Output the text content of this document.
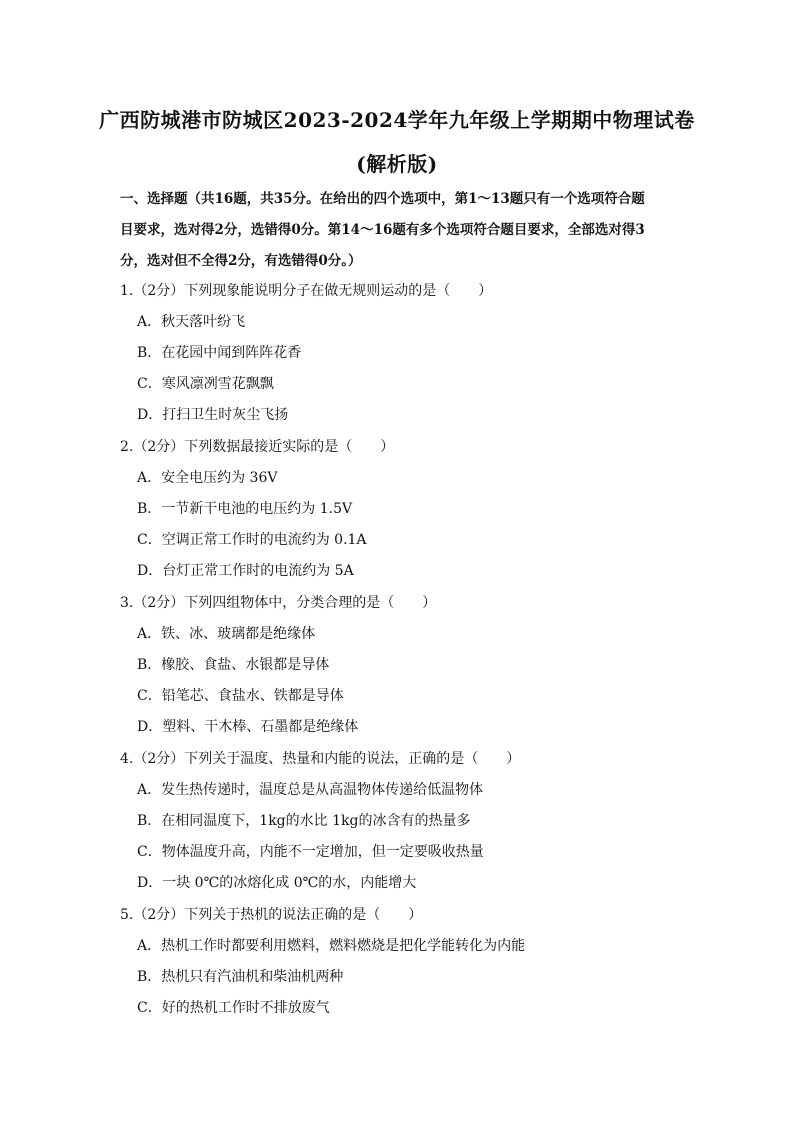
广西防城港市防城区2023-2024学年九年级上学期期中物理试卷
(解析版)
一、选择题（共16题，共35分。在给出的四个选项中，第1～13题只有一个选项符合题
目要求，选对得2分，选错得0分。第14～16题有多个选项符合题目要求，全部选对得3
分，选对但不全得2分，有选错得0分。）
1.（2分）下列现象能说明分子在做无规则运动的是（　　）
A．秋天落叶纷飞
B．在花园中闻到阵阵花香
C．寒风凛冽雪花飘飘
D．打扫卫生时灰尘飞扬
2.（2分）下列数据最接近实际的是（　　）
A．安全电压约为 36V
B．一节新干电池的电压约为 1.5V
C．空调正常工作时的电流约为 0.1A
D．台灯正常工作时的电流约为 5A
3.（2分）下列四组物体中，分类合理的是（　　）
A．铁、冰、玻璃都是绝缘体
B．橡胶、食盐、水银都是导体
C．铅笔芯、食盐水、铁都是导体
D．塑料、干木棒、石墨都是绝缘体
4.（2分）下列关于温度、热量和内能的说法，正确的是（　　）
A．发生热传递时，温度总是从高温物体传递给低温物体
B．在相同温度下，1kg的水比 1kg的冰含有的热量多
C．物体温度升高，内能不一定增加，但一定要吸收热量
D．一块 0℃的冰熔化成 0℃的水，内能增大
5.（2分）下列关于热机的说法正确的是（　　）
A．热机工作时都要利用燃料，燃料燃烧是把化学能转化为内能
B．热机只有汽油机和柴油机两种
C．好的热机工作时不排放废气
